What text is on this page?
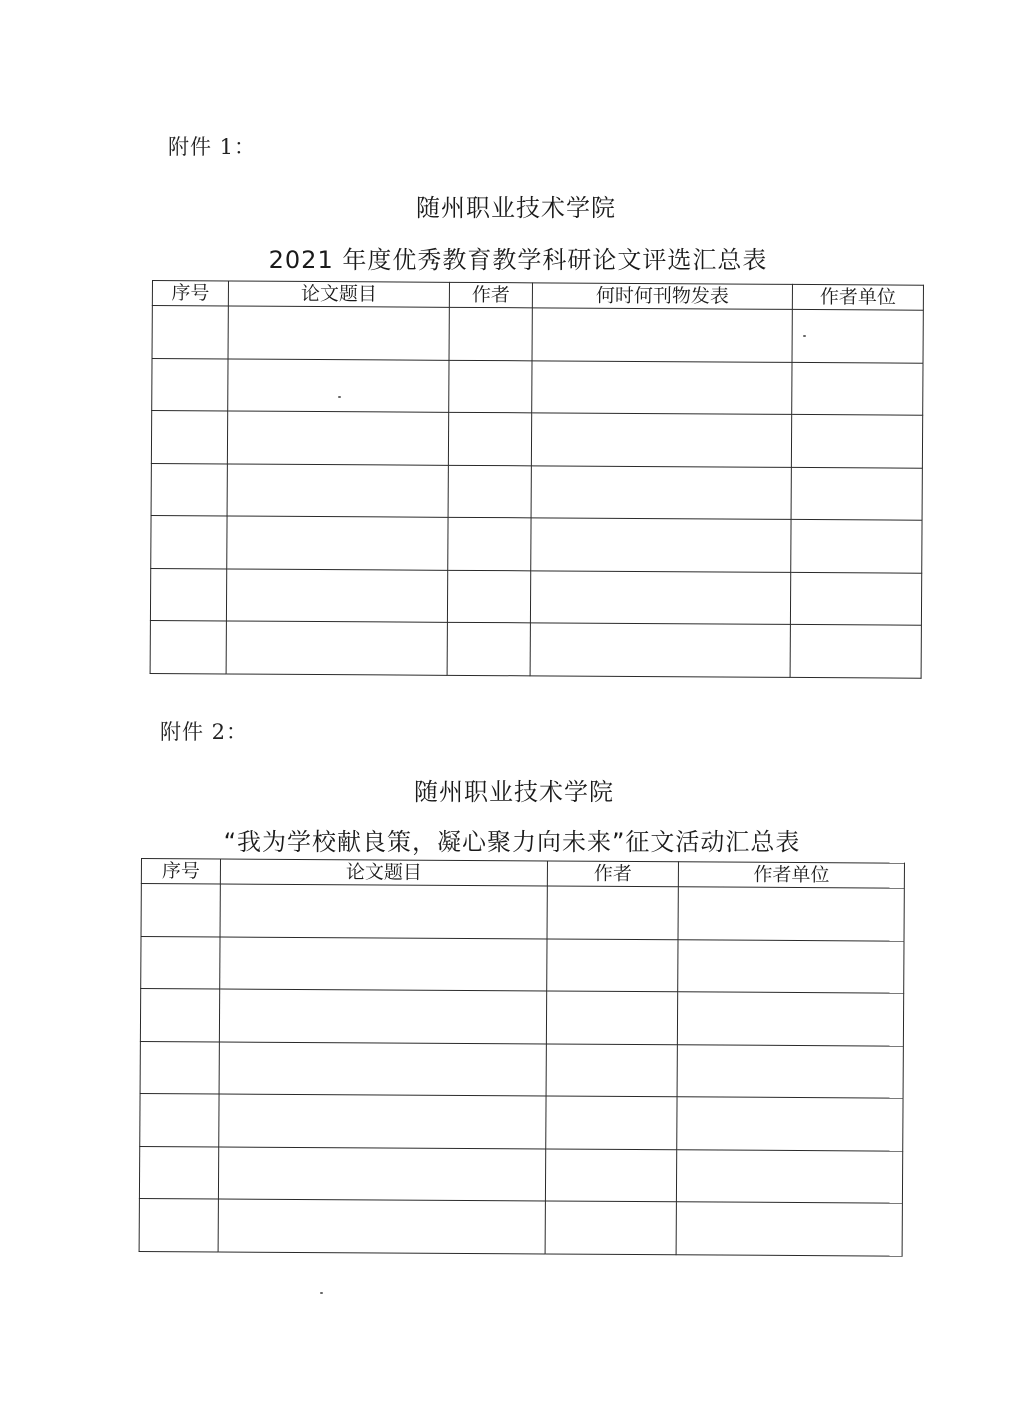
附件 1：
随州职业技术学院
2021 年度优秀教育教学科研论文评选汇总表
序号	论文题目	作者	何时何刊物发表	作者单位

附件 2：
随州职业技术学院
“我为学校献良策，凝心聚力向未来”征文活动汇总表
序号	论文题目	作者	作者单位
